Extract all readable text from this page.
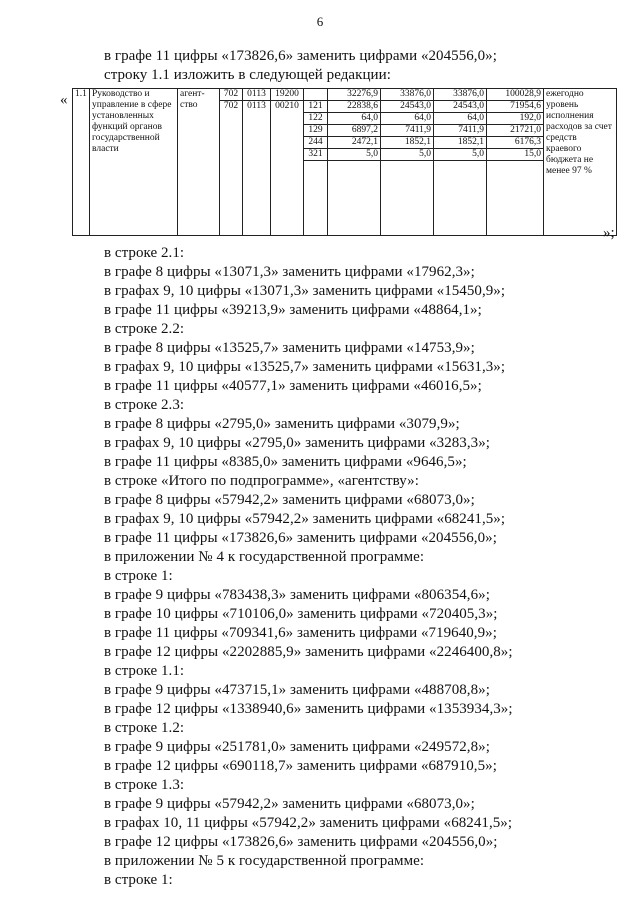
6
в графе 11 цифры «173826,6» заменить цифрами «204556,0»;
строку 1.1 изложить в следующей редакции:
« 1.1	Руководство и управление в сфере установленных функций органов государственной власти	агент-ство	702	0113	19200		32276,9	33876,0	33876,0	100028,9	ежегодно уровень исполнения расходов за счет средств краевого бюджета не менее 97 %
			702	0113	00210	121	22838,6	24543,0	24543,0	71954,6	
						122	64,0	64,0	64,0	192,0	
						129	6897,2	7411,9	7411,9	21721,0	
						244	2472,1	1852,1	1852,1	6176,3	
						321	5,0	5,0	5,0	15,0	

»;
в строке 2.1:
в графе 8 цифры «13071,3» заменить цифрами «17962,3»;
в графах 9, 10 цифры «13071,3» заменить цифрами «15450,9»;
в графе 11 цифры «39213,9» заменить цифрами «48864,1»;
в строке 2.2:
в графе 8 цифры «13525,7» заменить цифрами «14753,9»;
в графах 9, 10 цифры «13525,7» заменить цифрами «15631,3»;
в графе 11 цифры «40577,1» заменить цифрами «46016,5»;
в строке 2.3:
в графе 8 цифры «2795,0» заменить цифрами «3079,9»;
в графах 9, 10 цифры «2795,0» заменить цифрами «3283,3»;
в графе 11 цифры «8385,0» заменить цифрами «9646,5»;
в строке «Итого по подпрограмме», «агентству»:
в графе 8 цифры «57942,2» заменить цифрами «68073,0»;
в графах 9, 10 цифры «57942,2» заменить цифрами «68241,5»;
в графе 11 цифры «173826,6» заменить цифрами «204556,0»;
в приложении № 4 к государственной программе:
в строке 1:
в графе 9 цифры «783438,3» заменить цифрами «806354,6»;
в графе 10 цифры «710106,0» заменить цифрами «720405,3»;
в графе 11 цифры «709341,6» заменить цифрами «719640,9»;
в графе 12 цифры «2202885,9» заменить цифрами «2246400,8»;
в строке 1.1:
в графе 9 цифры «473715,1» заменить цифрами «488708,8»;
в графе 12 цифры «1338940,6» заменить цифрами «1353934,3»;
в строке 1.2:
в графе 9 цифры «251781,0» заменить цифрами «249572,8»;
в графе 12 цифры «690118,7» заменить цифрами «687910,5»;
в строке 1.3:
в графе 9 цифры «57942,2» заменить цифрами «68073,0»;
в графах 10, 11 цифры «57942,2» заменить цифрами «68241,5»;
в графе 12 цифры «173826,6» заменить цифрами «204556,0»;
в приложении № 5 к государственной программе:
в строке 1:
